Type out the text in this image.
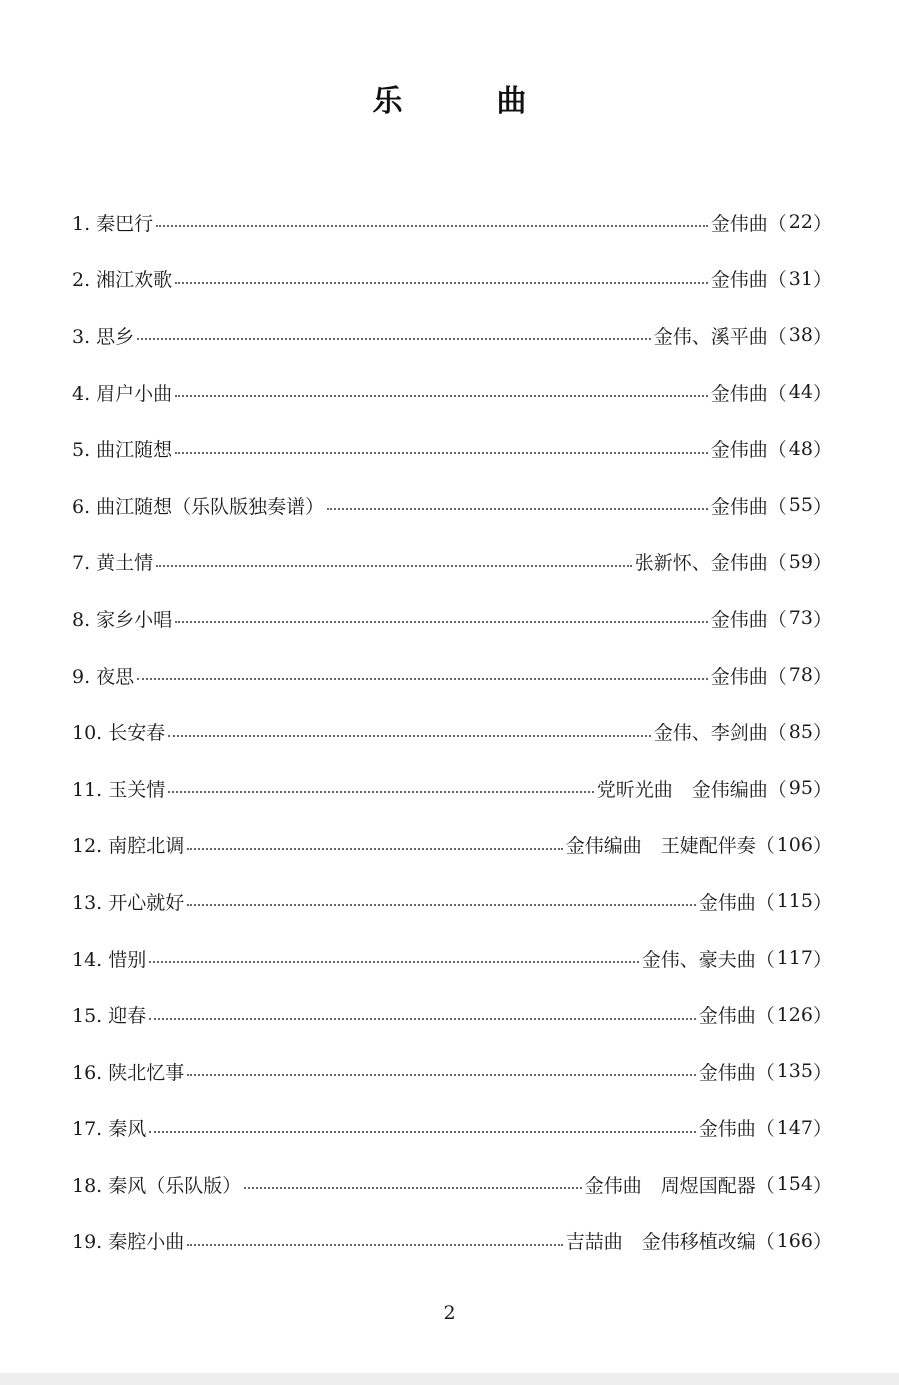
乐　曲
1. 秦巴行	金伟曲 （ 22 ）
2. 湘江欢歌	金伟曲 （ 31 ）
3. 思乡	金伟、溪平曲 （ 38 ）
4. 眉户小曲	金伟曲 （ 44 ）
5. 曲江随想	金伟曲 （ 48 ）
6. 曲江随想（乐队版独奏谱）	金伟曲 （ 55 ）
7. 黄土情	张新怀、金伟曲 （ 59 ）
8. 家乡小唱	金伟曲 （ 73 ）
9. 夜思	金伟曲 （ 78 ）
10. 长安春	金伟、李剑曲 （ 85 ）
11. 玉关情	党昕光曲　金伟编曲 （ 95 ）
12. 南腔北调	金伟编曲　王婕配伴奏 （ 106 ）
13. 开心就好	金伟曲 （ 115 ）
14. 惜别	金伟、豪夫曲 （ 117 ）
15. 迎春	金伟曲 （ 126 ）
16. 陕北忆事	金伟曲 （ 135 ）
17. 秦风	金伟曲 （ 147 ）
18. 秦风（乐队版）	金伟曲　周煜国配器 （ 154 ）
19. 秦腔小曲	吉喆曲　金伟移植改编 （ 166 ）
2
